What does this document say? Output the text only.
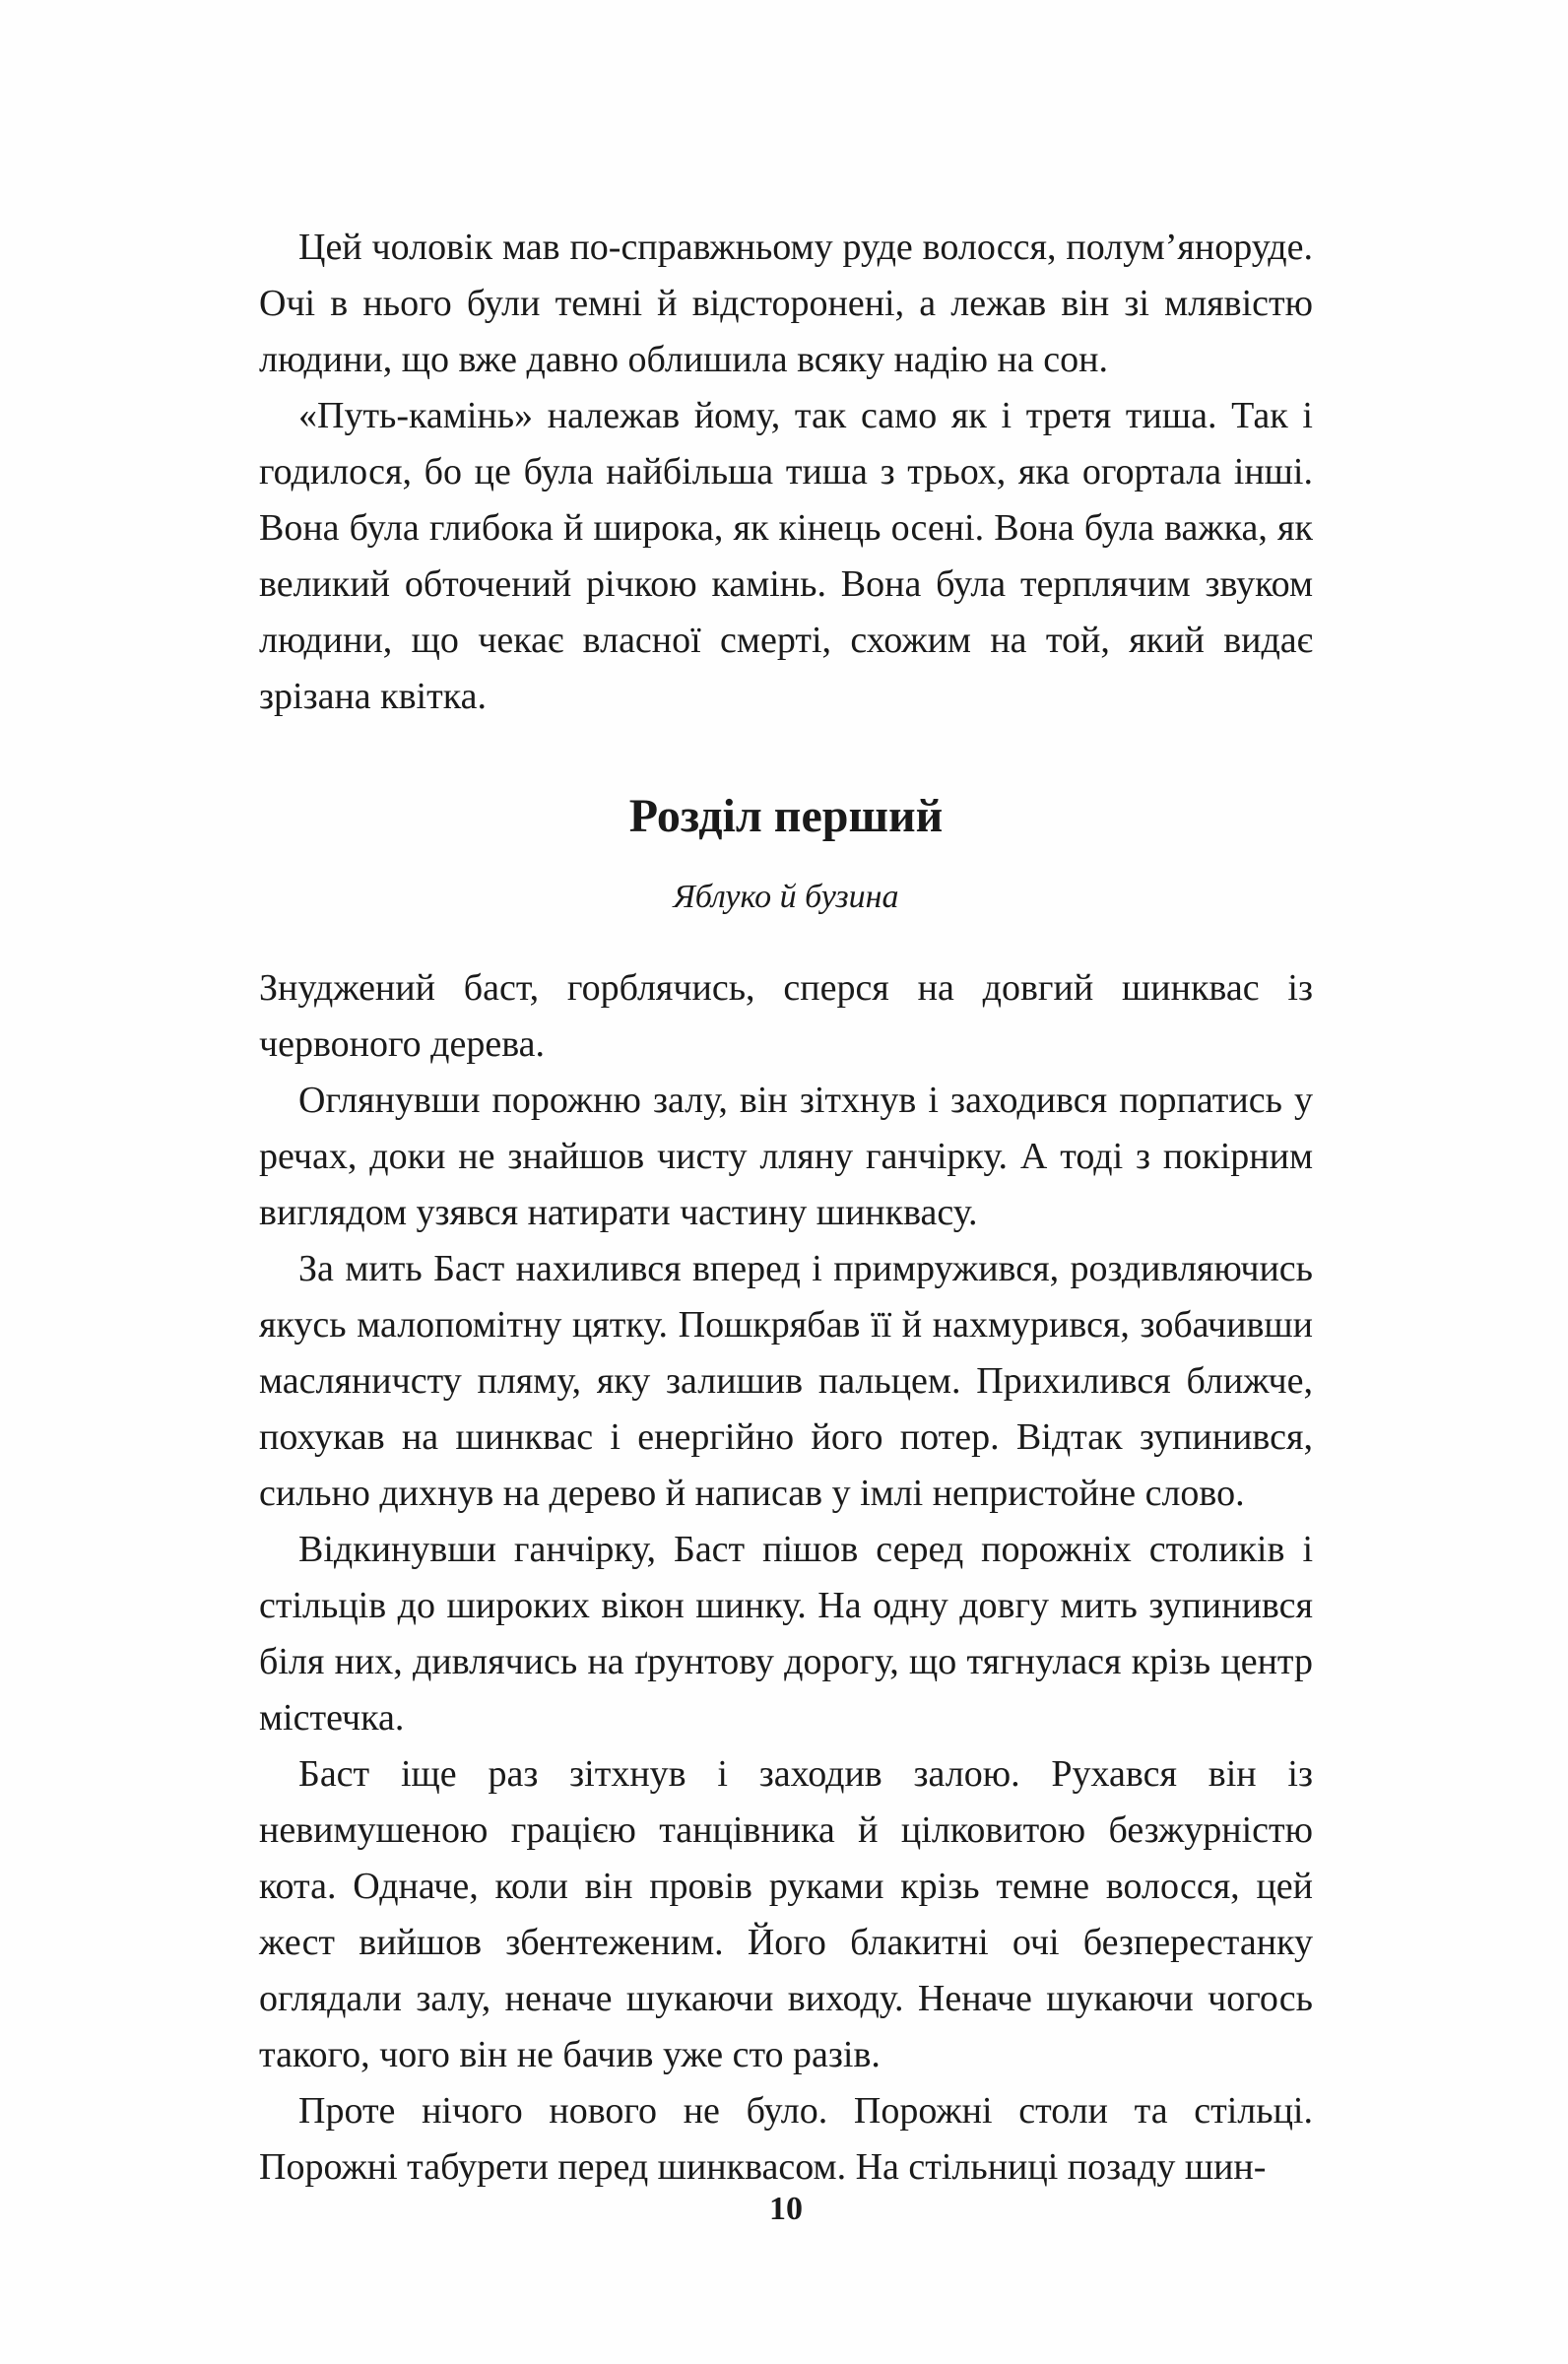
Цей чоловік мав по-справжньому руде волосся, полум’яноруде. Очі в нього були темні й відсторонені, а лежав він зі млявістю людини, що вже давно облишила всяку надію на сон.

«Путь-камінь» належав йому, так само як і третя тиша. Так і годилося, бо це була найбільша тиша з трьох, яка огортала інші. Вона була глибока й широка, як кінець осені. Вона була важка, як великий обточений річкою камінь. Вона була терплячим звуком людини, що чекає власної смерті, схожим на той, який видає зрізана квітка.

Розділ перший
Яблуко й бузина

Знуджений баст, горблячись, сперся на довгий шинквас із червоного дерева.

Оглянувши порожню залу, він зітхнув і заходився порпатись у речах, доки не знайшов чисту лляну ганчірку. А тоді з покірним виглядом узявся натирати частину шинквасу.

За мить Баст нахилився вперед і примружився, роздивляючись якусь малопомітну цятку. Пошкрябав її й нахмурився, зобачивши масляничсту пляму, яку залишив пальцем. Прихилився ближче, похукав на шинквас і енергійно його потер. Відтак зупинився, сильно дихнув на дерево й написав у імлі непристойне слово.

Відкинувши ганчірку, Баст пішов серед порожніх столиків і стільців до широких вікон шинку. На одну довгу мить зупинився біля них, дивлячись на ґрунтову дорогу, що тягнулася крізь центр містечка.

Баст іще раз зітхнув і заходив залою. Рухався він із невимушеною грацією танцівника й цілковитою безжурністю кота. Одначе, коли він провів руками крізь темне волосся, цей жест вийшов збентеженим. Його блакитні очі безперестанку оглядали залу, неначе шукаючи виходу. Неначе шукаючи чогось такого, чого він не бачив уже сто разів.

Проте нічого нового не було. Порожні столи та стільці. Порожні табурети перед шинквасом. На стільниці позаду шин-

10
